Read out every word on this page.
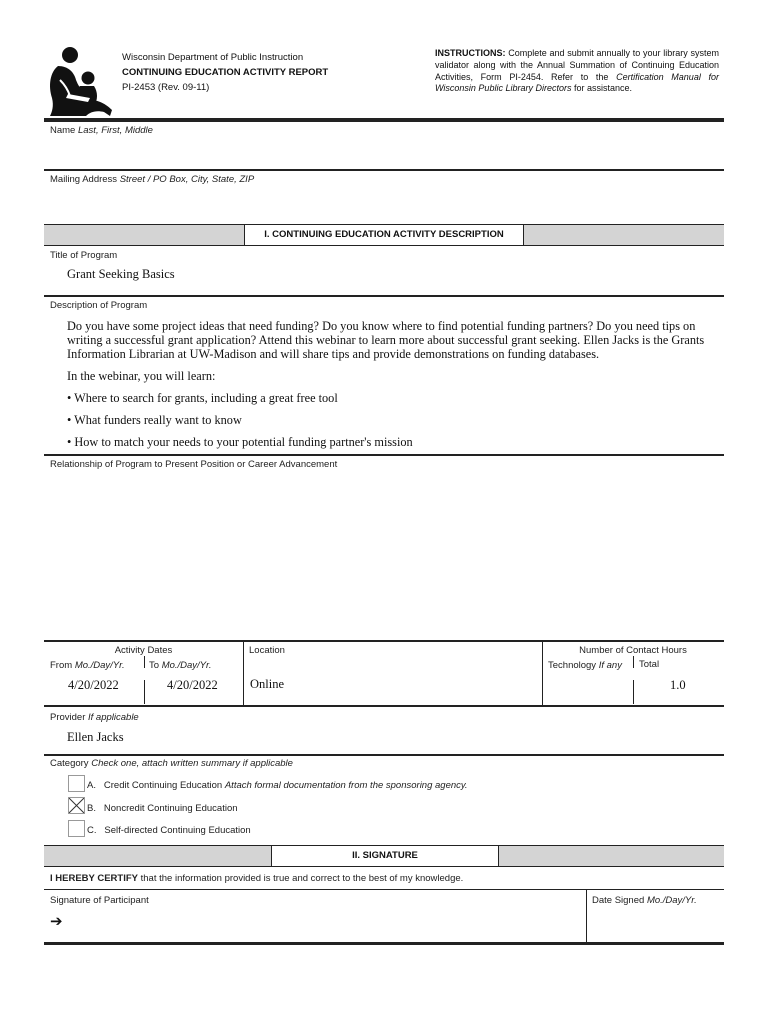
Wisconsin Department of Public Instruction
CONTINUING EDUCATION ACTIVITY REPORT
PI-2453 (Rev. 09-11)
INSTRUCTIONS: Complete and submit annually to your library system validator along with the Annual Summation of Continuing Education Activities, Form PI-2454. Refer to the Certification Manual for Wisconsin Public Library Directors for assistance.
Name Last, First, Middle
Mailing Address Street / PO Box, City, State, ZIP
I. CONTINUING EDUCATION ACTIVITY DESCRIPTION
Title of Program
Grant Seeking Basics
Description of Program
Do you have some project ideas that need funding? Do you know where to find potential funding partners? Do you need tips on writing a successful grant application? Attend this webinar to learn more about successful grant seeking. Ellen Jacks is the Grants Information Librarian at UW-Madison and will share tips and provide demonstrations on funding databases.
In the webinar, you will learn:
• Where to search for grants, including a great free tool
• What funders really want to know
• How to match your needs to your potential funding partner's mission
Relationship of Program to Present Position or Career Advancement
Activity Dates
From Mo./Day/Yr.	To Mo./Day/Yr.
4/20/2022	4/20/2022
Location
Online
Number of Contact Hours
Technology If any Total
1.0
Provider If applicable
Ellen Jacks
Category Check one, attach written summary if applicable
A. Credit Continuing Education Attach formal documentation from the sponsoring agency.
B. Noncredit Continuing Education
C. Self-directed Continuing Education
II. SIGNATURE
I HEREBY CERTIFY that the information provided is true and correct to the best of my knowledge.
Signature of Participant
➔
Date Signed Mo./Day/Yr.
